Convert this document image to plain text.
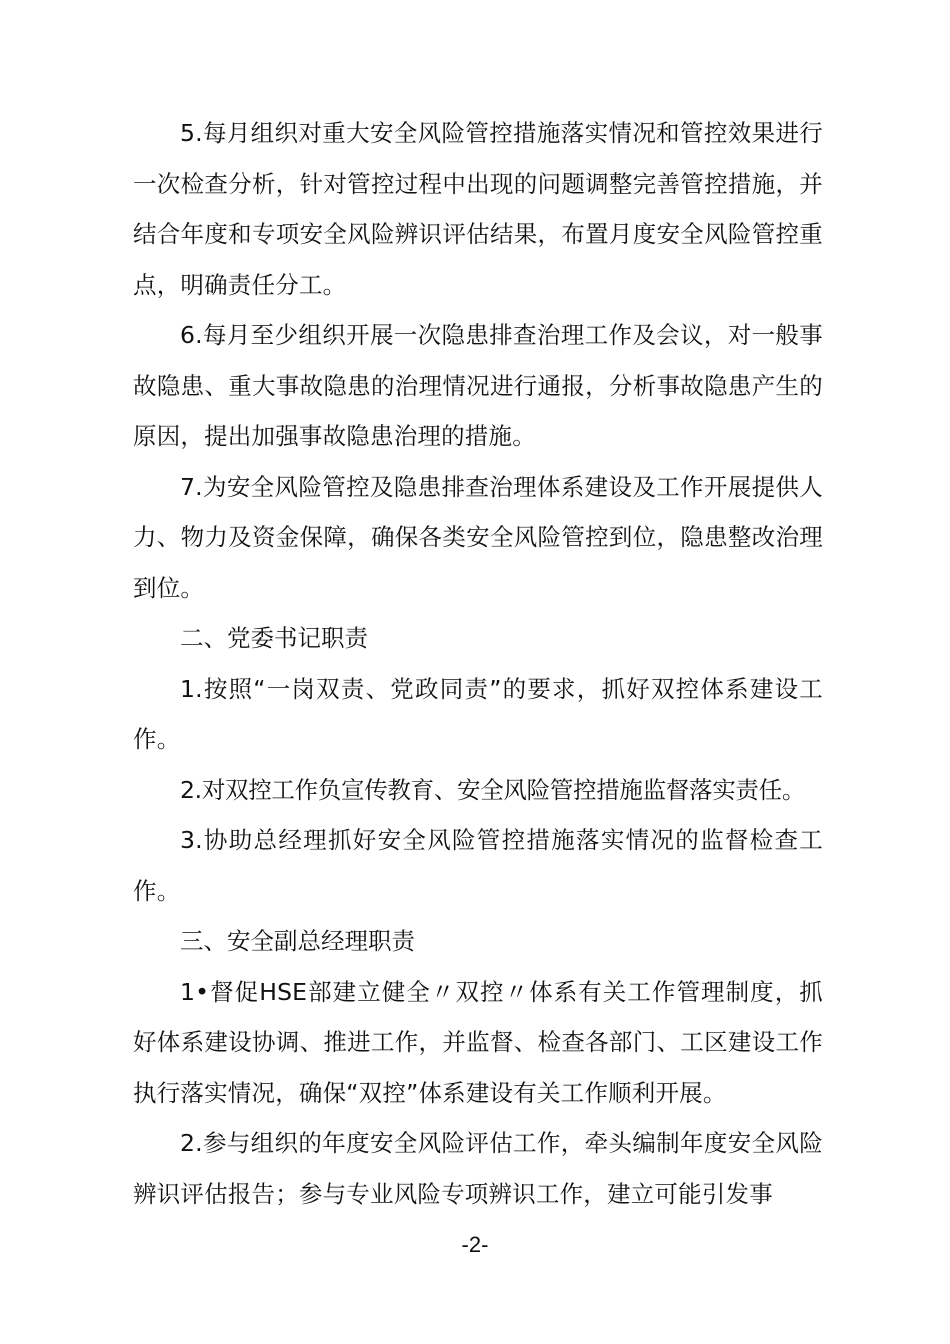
5.每月组织对重大安全风险管控措施落实情况和管控效果进行一次检查分析，针对管控过程中出现的问题调整完善管控措施，并结合年度和专项安全风险辨识评估结果，布置月度安全风险管控重点，明确责任分工。

6.每月至少组织开展一次隐患排查治理工作及会议，对一般事故隐患、重大事故隐患的治理情况进行通报，分析事故隐患产生的原因，提出加强事故隐患治理的措施。

7.为安全风险管控及隐患排查治理体系建设及工作开展提供人力、物力及资金保障，确保各类安全风险管控到位，隐患整改治理到位。

二、党委书记职责

1.按照“一岗双责、党政同责”的要求，抓好双控体系建设工作。

2.对双控工作负宣传教育、安全风险管控措施监督落实责任。

3.协助总经理抓好安全风险管控措施落实情况的监督检查工作。

三、安全副总经理职责

1•督促HSE部建立健全〃双控〃体系有关工作管理制度，抓好体系建设协调、推进工作，并监督、检查各部门、工区建设工作执行落实情况，确保“双控”体系建设有关工作顺利开展。

2.参与组织的年度安全风险评估工作，牵头编制年度安全风险辨识评估报告；参与专业风险专项辨识工作，建立可能引发事

-2-
